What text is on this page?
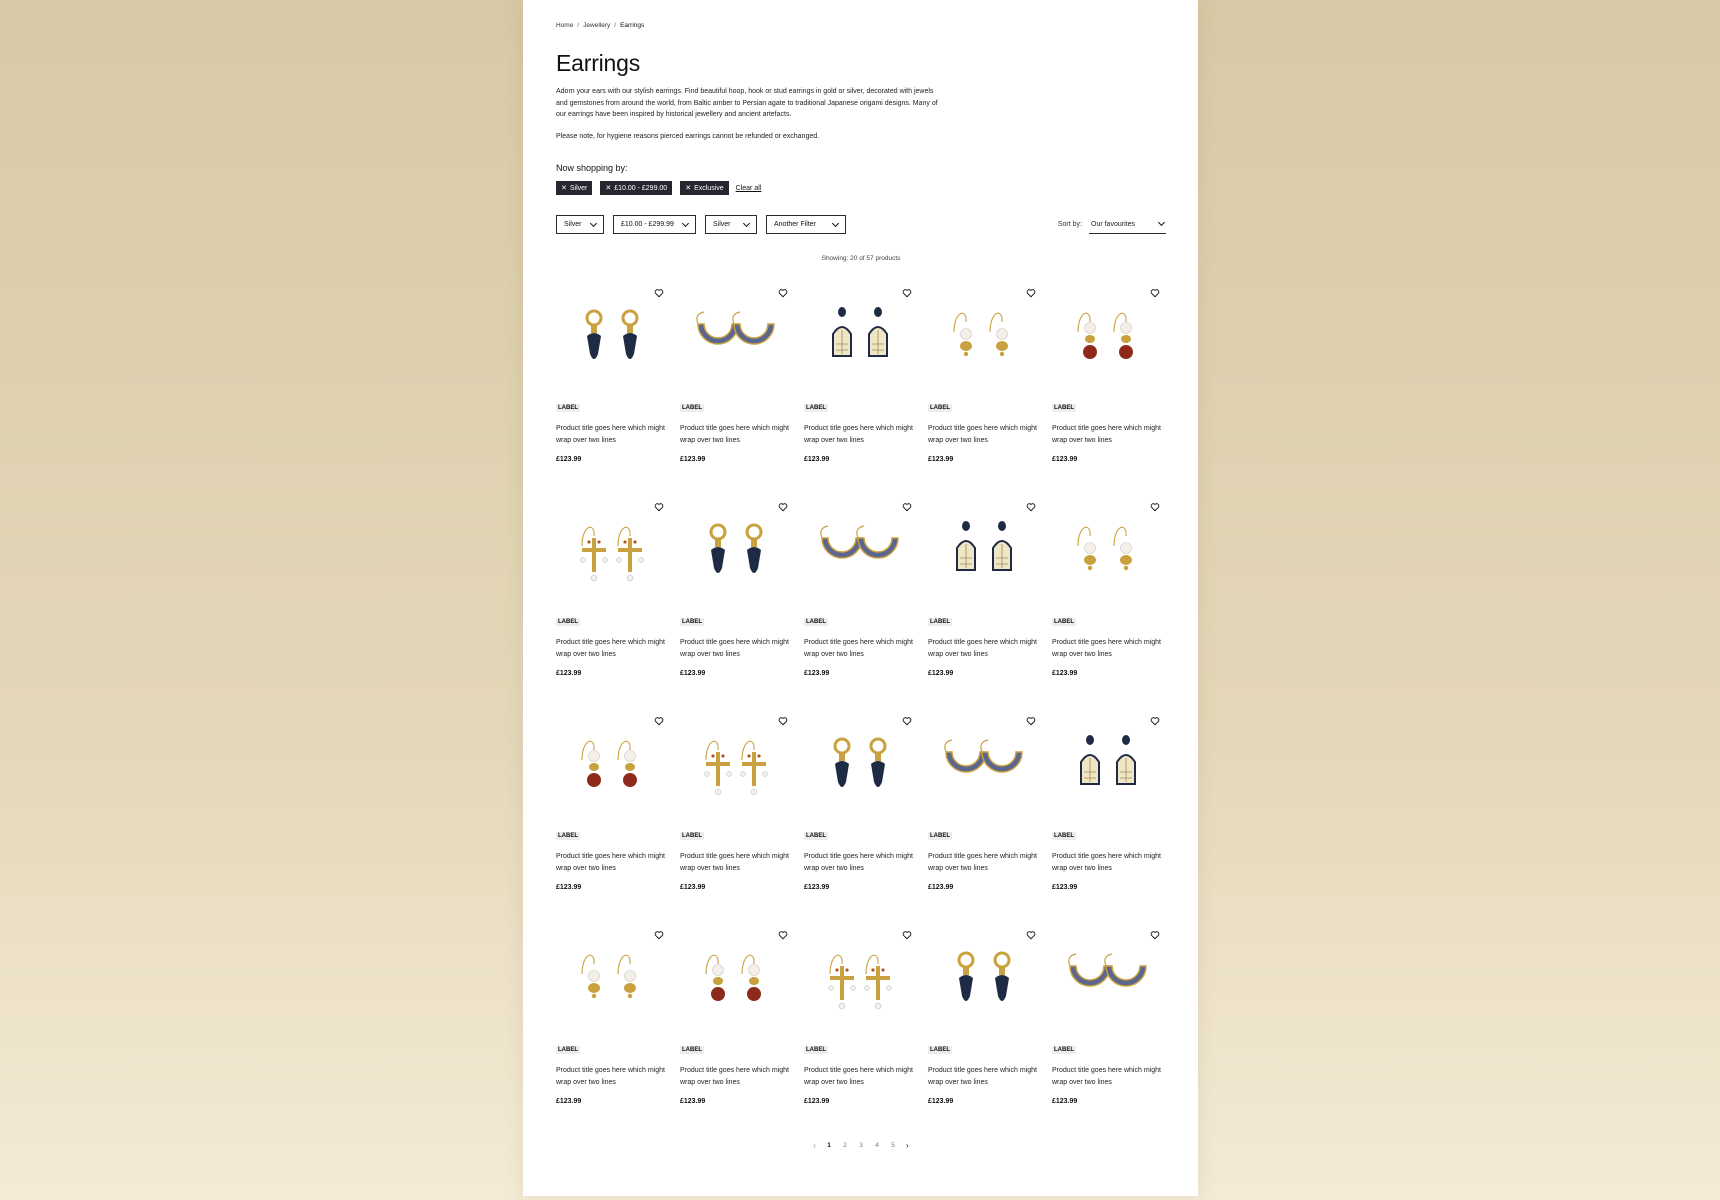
Home / Jewellery / Earrings
Earrings

Adorn your ears with our stylish earrings. Find beautiful hoop, hook or stud earrings in gold or silver, decorated with jewels and gemstones from around the world, from Baltic amber to Persian agate to traditional Japanese origami designs. Many of our earrings have been inspired by historical jewellery and ancient artefacts.

Please note, for hygiene reasons pierced earrings cannot be refunded or exchanged.

Now shopping by:
✕ Silver	✕ £10.00 - £299.00	✕ Exclusive Clear all
Silver	£10.00 - £299.99	Silver	Another Filter	Sort by: Our favourites
Showing: 20 of 57 products
LABEL
Product title goes here which might wrap over two lines
£123.99
LABEL
Product title goes here which might wrap over two lines
£123.99
LABEL
Product title goes here which might wrap over two lines
£123.99
LABEL
Product title goes here which might wrap over two lines
£123.99
LABEL
Product title goes here which might wrap over two lines
£123.99
LABEL
Product title goes here which might wrap over two lines
£123.99
LABEL
Product title goes here which might wrap over two lines
£123.99
LABEL
Product title goes here which might wrap over two lines
£123.99
LABEL
Product title goes here which might wrap over two lines
£123.99
LABEL
Product title goes here which might wrap over two lines
£123.99
LABEL
Product title goes here which might wrap over two lines
£123.99
LABEL
Product title goes here which might wrap over two lines
£123.99
LABEL
Product title goes here which might wrap over two lines
£123.99
LABEL
Product title goes here which might wrap over two lines
£123.99
LABEL
Product title goes here which might wrap over two lines
£123.99
LABEL
Product title goes here which might wrap over two lines
£123.99
LABEL
Product title goes here which might wrap over two lines
£123.99
LABEL
Product title goes here which might wrap over two lines
£123.99
LABEL
Product title goes here which might wrap over two lines
£123.99
LABEL
Product title goes here which might wrap over two lines
£123.99
‹ 1 2 3 4 5 ›
